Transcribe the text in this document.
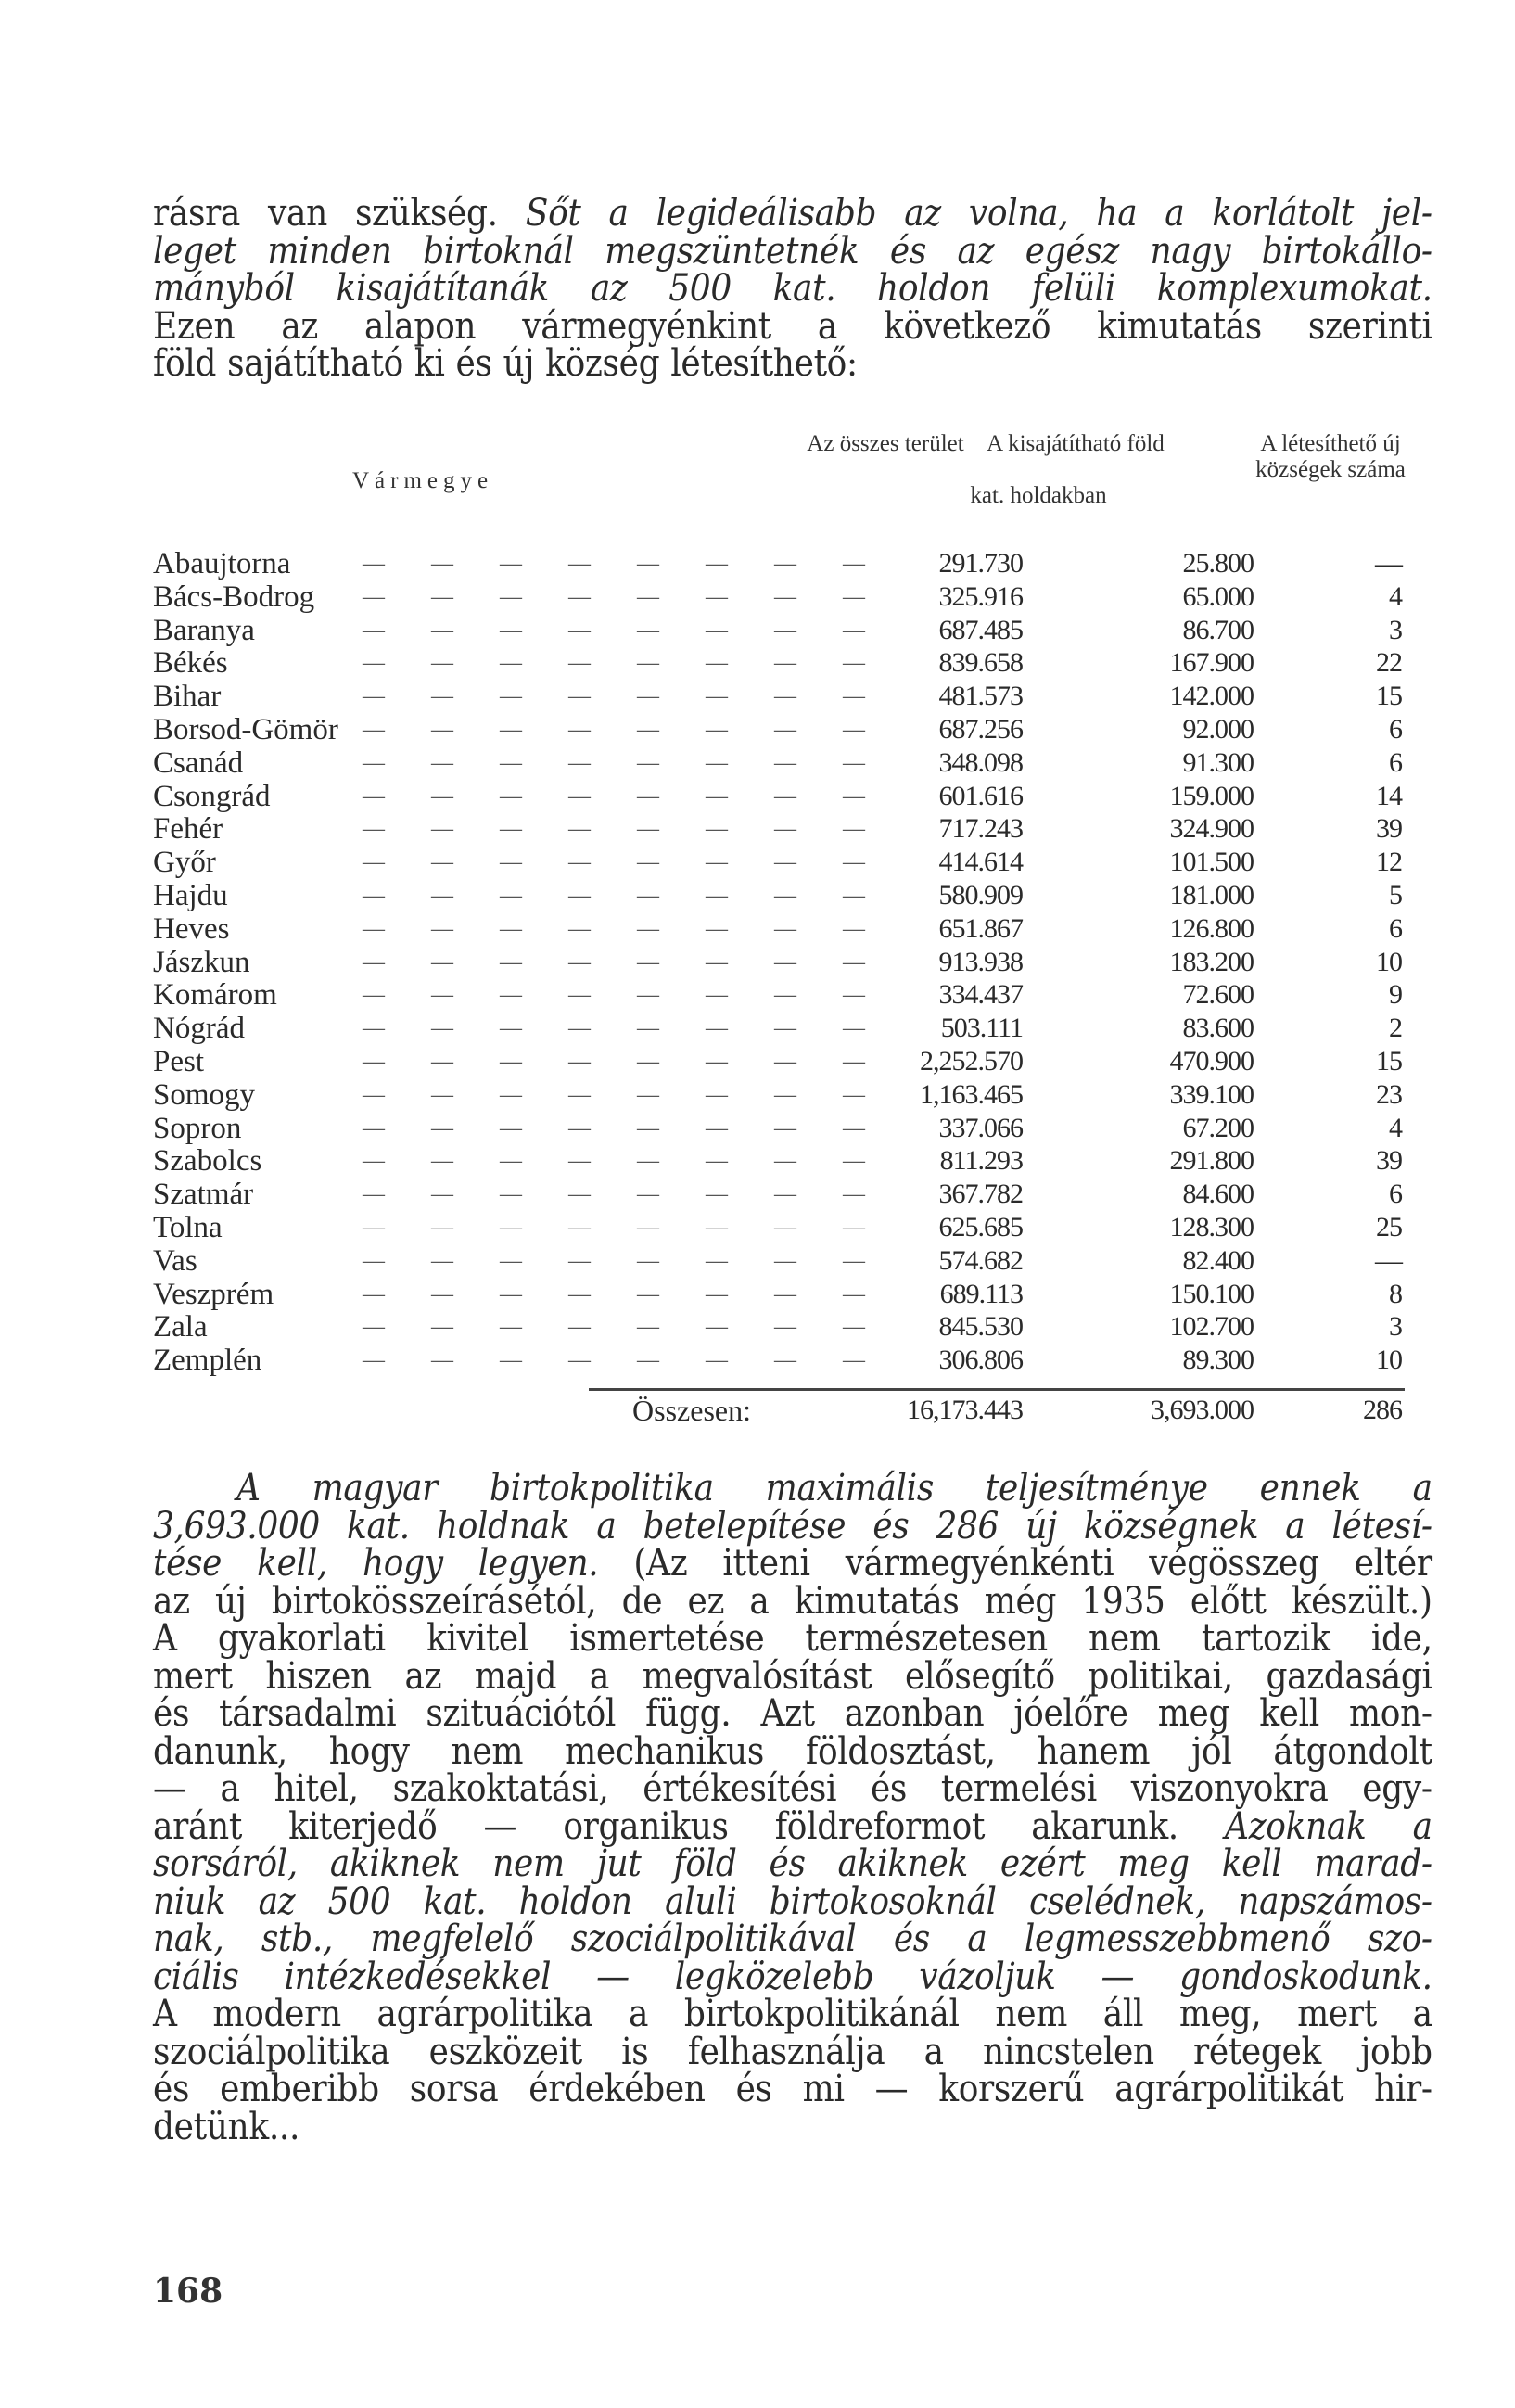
rásra van szükség. Sőt a legideálisabb az volna, ha a korlátolt jel-
leget minden birtoknál megszüntetnék és az egész nagy birtokállo-
mányból kisajátítanák az 500 kat. holdon felüli komplexumokat.
Ezen az alapon vármegyénkint a következő kimutatás szerinti
föld sajátítható ki és új község létesíthető:
Vármegye
Az összes terület A kisajátítható föld
kat. holdakban
A létesíthető új községek száma
Abaujtorna	— — — — — — — —	291.730	25.800	—
Bács-Bodrog	— — — — — — — —	325.916	65.000	4
Baranya	— — — — — — — —	687.485	86.700	3
Békés	— — — — — — — —	839.658	167.900	22
Bihar	— — — — — — — —	481.573	142.000	15
Borsod-Gömör	— — — — — — — —	687.256	92.000	6
Csanád	— — — — — — — —	348.098	91.300	6
Csongrád	— — — — — — — —	601.616	159.000	14
Fehér	— — — — — — — —	717.243	324.900	39
Győr	— — — — — — — —	414.614	101.500	12
Hajdu	— — — — — — — —	580.909	181.000	5
Heves	— — — — — — — —	651.867	126.800	6
Jászkun	— — — — — — — —	913.938	183.200	10
Komárom	— — — — — — — —	334.437	72.600	9
Nógrád	— — — — — — — —	503.111	83.600	2
Pest	— — — — — — — —	2,252.570	470.900	15
Somogy	— — — — — — — —	1,163.465	339.100	23
Sopron	— — — — — — — —	337.066	67.200	4
Szabolcs	— — — — — — — —	811.293	291.800	39
Szatmár	— — — — — — — —	367.782	84.600	6
Tolna	— — — — — — — —	625.685	128.300	25
Vas	— — — — — — — —	574.682	82.400	—
Veszprém	— — — — — — — —	689.113	150.100	8
Zala	— — — — — — — —	845.530	102.700	3
Zemplén	— — — — — — — —	306.806	89.300	10
Összesen:	16,173.443	3,693.000	286
A magyar birtokpolitika maximális teljesítménye ennek a
3,693.000 kat. holdnak a betelepítése és 286 új községnek a létesí-
tése kell, hogy legyen. (Az itteni vármegyénkénti végösszeg eltér
az új birtokösszeírásétól, de ez a kimutatás még 1935 előtt készült.)
A gyakorlati kivitel ismertetése természetesen nem tartozik ide,
mert hiszen az majd a megvalósítást elősegítő politikai, gazdasági
és társadalmi szituációtól függ. Azt azonban jóelőre meg kell mon-
danunk, hogy nem mechanikus földosztást, hanem jól átgondolt
— a hitel, szakoktatási, értékesítési és termelési viszonyokra egy-
aránt kiterjedő — organikus földreformot akarunk. Azoknak a
sorsáról, akiknek nem jut föld és akiknek ezért meg kell marad-
niuk az 500 kat. holdon aluli birtokosoknál cselédnek, napszámos-
nak, stb., megfelelő szociálpolitikával és a legmesszebbmenő szo-
ciális intézkedésekkel — legközelebb vázoljuk — gondoskodunk.
A modern agrárpolitika a birtokpolitikánál nem áll meg, mert a
szociálpolitika eszközeit is felhasználja a nincstelen rétegek jobb
és emberibb sorsa érdekében és mi — korszerű agrárpolitikát hir-
detünk...
168
